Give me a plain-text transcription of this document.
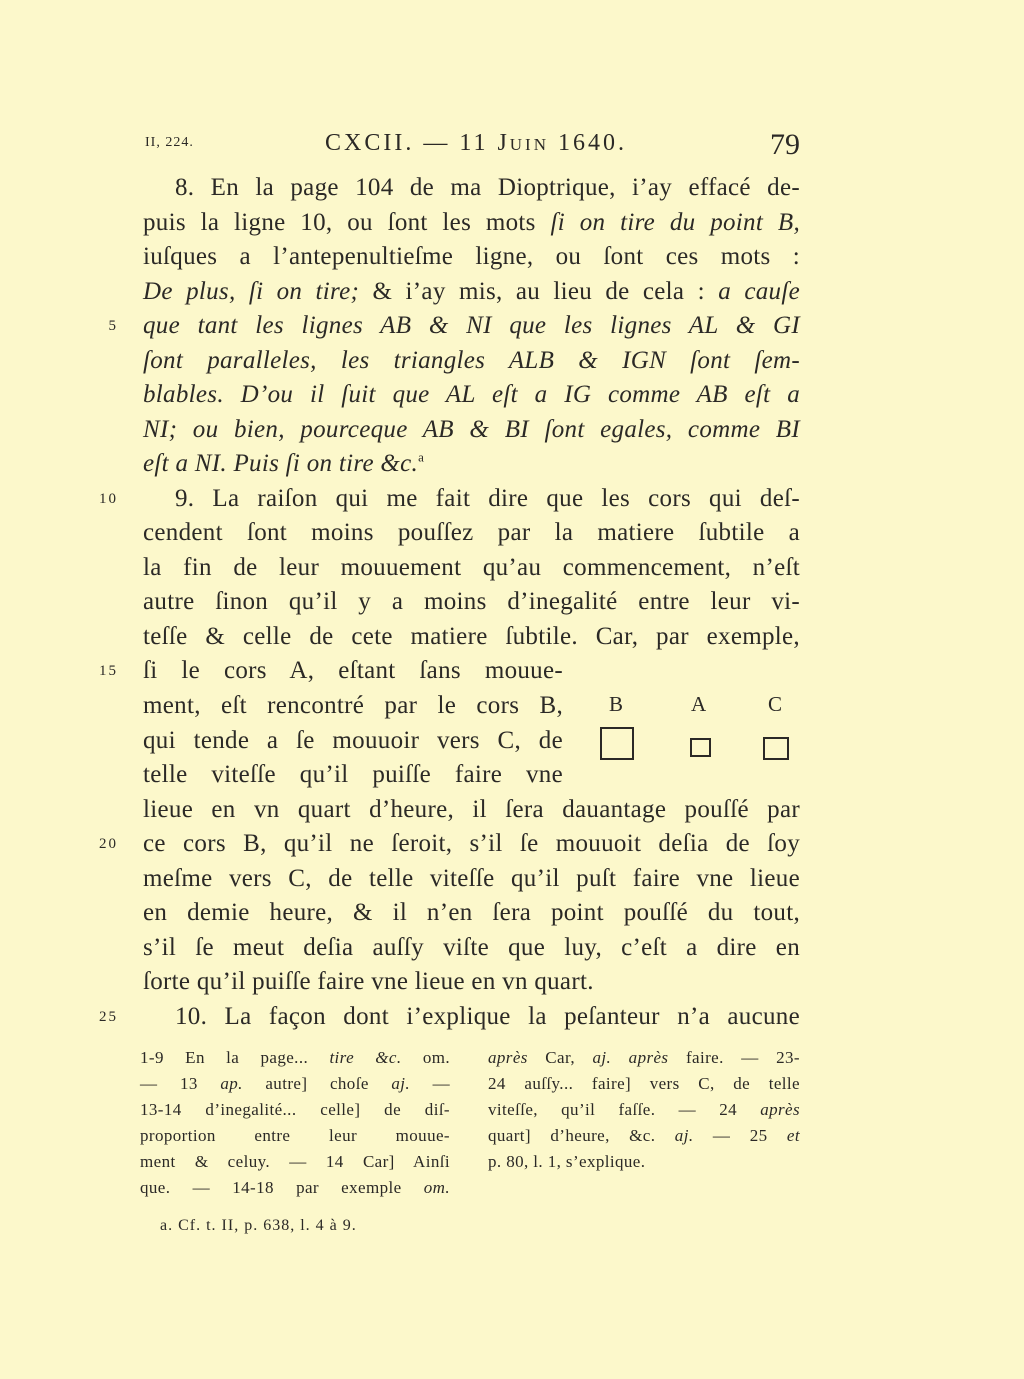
II, 224.	CXCII. — 11 Juin 1640.	79
8. En la page 104 de ma Dioptrique, i’ay effacé de-
puis la ligne 10, ou ſont les mots ſi on tire du point B,
iuſques a l’antepenultieſme ligne, ou ſont ces mots :
De plus, ſi on tire; & i’ay mis, au lieu de cela : a cauſe
5 que tant les lignes AB & NI que les lignes AL & GI
ſont paralleles, les triangles ALB & IGN ſont ſem-
blables. D’ou il ſuit que AL eſt a IG comme AB eſt a
NI; ou bien, pourceque AB & BI ſont egales, comme BI
eſt a NI. Puis ſi on tire &c.$^a$
10 9. La raiſon qui me fait dire que les cors qui deſ-
cendent ſont moins pouſſez par la matiere ſubtile a
la fin de leur mouuement qu’au commencement, n’eſt
autre ſinon qu’il y a moins d’inegalité entre leur vi-
teſſe & celle de cete matiere ſubtile. Car, par exemple,
15 ſi le cors A, eſtant ſans mouue-
ment, eſt rencontré par le cors B,
qui tende a ſe mouuoir vers C, de
telle viteſſe qu’il puiſſe faire vne
lieue en vn quart d’heure, il ſera dauantage pouſſé par
20 ce cors B, qu’il ne ſeroit, s’il ſe mouuoit deſia de ſoy
meſme vers C, de telle viteſſe qu’il puſt faire vne lieue
en demie heure, & il n’en ſera point pouſſé du tout,
s’il ſe meut deſia auſſy viſte que luy, c’eſt a dire en
ſorte qu’il puiſſe faire vne lieue en vn quart.
25 10. La façon dont i’explique la peſanteur n’a aucune
B	A	C
1-9 En la page... tire &c. om.
— 13 ap. autre] choſe aj. —
13-14 d’inegalité... celle] de diſ-
proportion entre leur mouue-
ment & celuy. — 14 Car] Ainſi
que. — 14-18 par exemple om.
après Car, aj. après faire. — 23-
24 auſſy... faire] vers C, de telle
viteſſe, qu’il faſſe. — 24 après
quart] d’heure, &c. aj. — 25 et
p. 80, l. 1, s’explique.
a. Cf. t. II, p. 638, l. 4 à 9.
